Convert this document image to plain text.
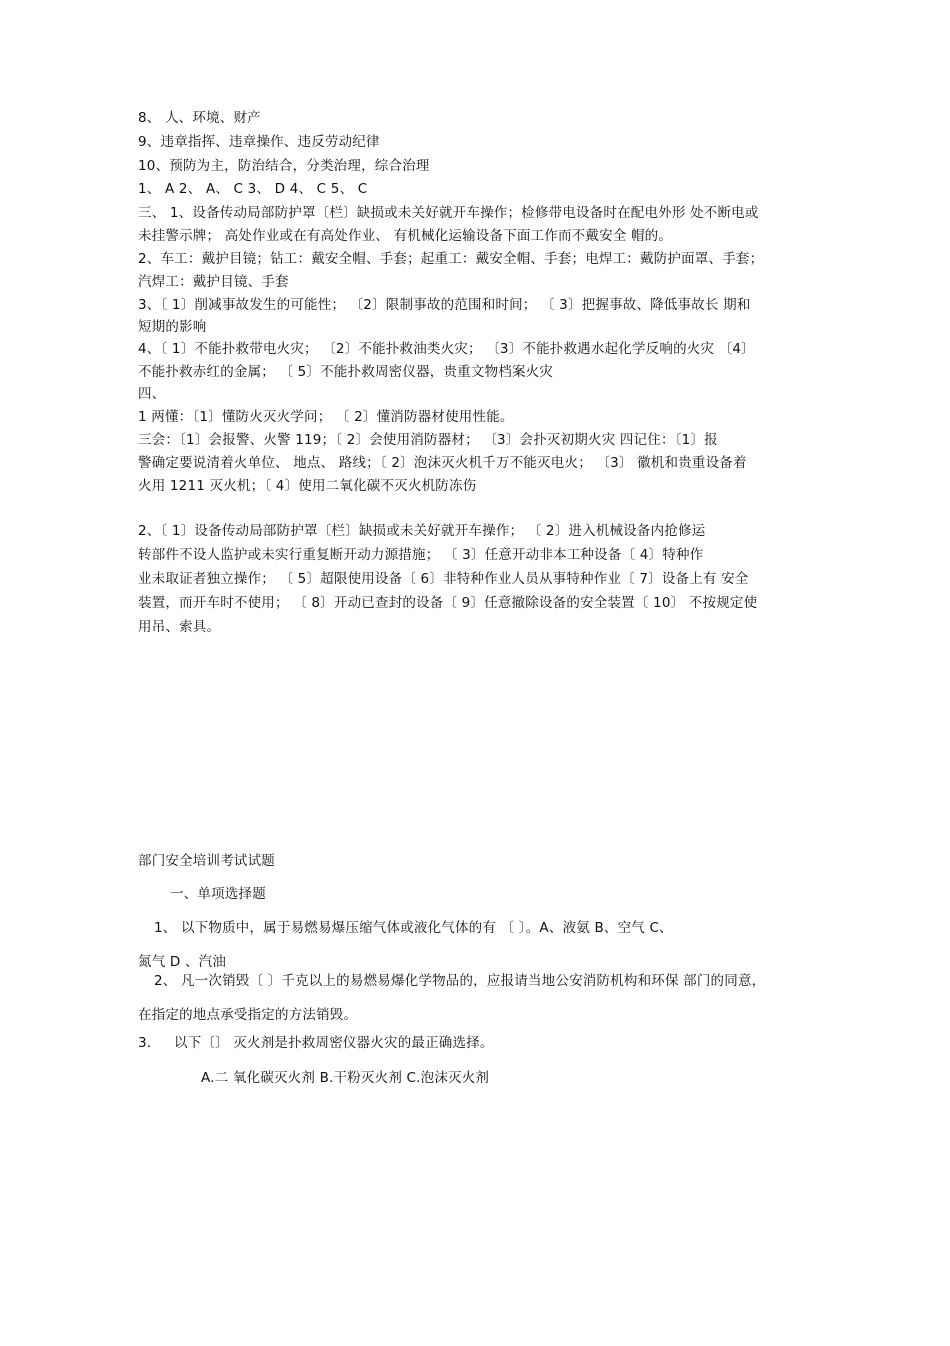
8、 人、环境、财产
9、违章指挥、违章操作、违反劳动纪律
10、预防为主，防治结合，分类治理，综合治理
1、 A 2、 A、 C 3、 D 4、 C 5、 C
三、 1、设备传动局部防护罩〔栏〕缺损或未关好就开车操作；检修带电设备时在配电外形 处不断电或
未挂警示牌； 高处作业或在有高处作业、 有机械化运输设备下面工作而不戴安全 帽的。
2、车工：戴护目镜；钻工：戴安全帽、手套；起重工：戴安全帽、手套；电焊工：戴防护面罩、手套；
汽焊工：戴护目镜、手套
3、〔 1〕削减事故发生的可能性； 〔2〕限制事故的范围和时间； 〔 3〕把握事故、降低事故长 期和
短期的影响
4、〔 1〕不能扑救带电火灾； 〔2〕不能扑救油类火灾； 〔3〕不能扑救遇水起化学反响的火灾 〔4〕
不能扑救赤红的金属； 〔 5〕不能扑救周密仪器，贵重文物档案火灾
四、
1 两懂：〔1〕懂防火灭火学问； 〔 2〕懂消防器材使用性能。
三会：〔1〕会报警、火警 119；〔 2〕会使用消防器材； 〔3〕会扑灭初期火灾 四记住：〔1〕报
警确定要说清着火单位、 地点、 路线；〔 2〕泡沫灭火机千万不能灭电火； 〔3〕 徽机和贵重设备着
火用 1211 灭火机；〔 4〕使用二氧化碳不灭火机防冻伤
2、〔 1〕设备传动局部防护罩〔栏〕缺损或未关好就开车操作； 〔 2〕进入机械设备内抢修运
转部件不设人监护或未实行重复断开动力源措施； 〔 3〕任意开动非本工种设备〔 4〕特种作
业未取证者独立操作； 〔 5〕超限使用设备〔 6〕非特种作业人员从事特种作业〔 7〕设备上有 安全
装置，而开车时不使用； 〔 8〕开动已查封的设备〔 9〕任意撤除设备的安全装置〔 10〕 不按规定使
用吊、索具。
部门安全培训考试试题
一、单项选择题
1、 以下物质中，属于易燃易爆压缩气体或液化气体的有 〔 〕。A、液氨 B、空气 C、
氮气 D 、汽油
2、 凡一次销毁〔 〕千克以上的易燃易爆化学物品的，应报请当地公安消防机构和环保 部门的同意，
在指定的地点承受指定的方法销毁。
3. 以下〔〕 灭火剂是扑救周密仪器火灾的最正确选择。
A.二 氧化碳灭火剂 B.干粉灭火剂 C.泡沫灭火剂
